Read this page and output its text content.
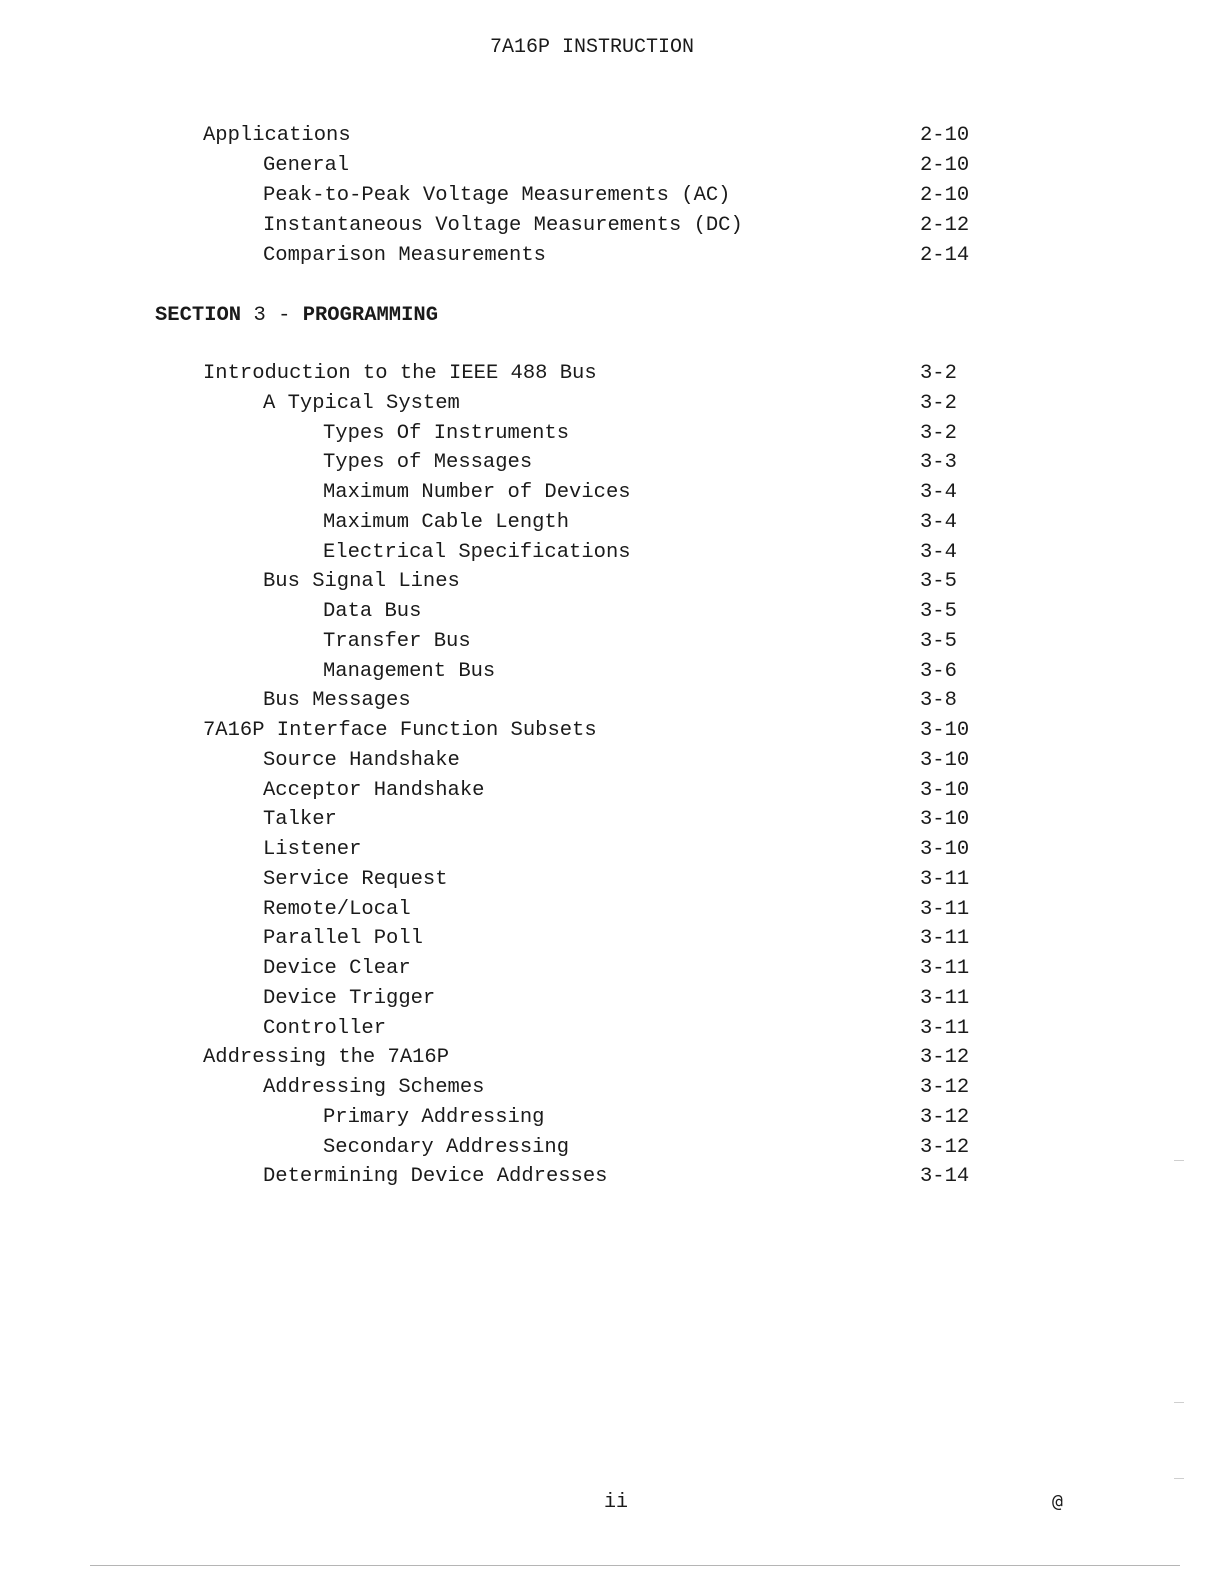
7A16P INSTRUCTION
Applications	2-10
General	2-10
Peak-to-Peak Voltage Measurements (AC)	2-10
Instantaneous Voltage Measurements (DC)	2-12
Comparison Measurements	2-14
SECTION 3 - PROGRAMMING
Introduction to the IEEE 488 Bus	3-2
A Typical System	3-2
Types Of Instruments	3-2
Types of Messages	3-3
Maximum Number of Devices	3-4
Maximum Cable Length	3-4
Electrical Specifications	3-4
Bus Signal Lines	3-5
Data Bus	3-5
Transfer Bus	3-5
Management Bus	3-6
Bus Messages	3-8
7A16P Interface Function Subsets	3-10
Source Handshake	3-10
Acceptor Handshake	3-10
Talker	3-10
Listener	3-10
Service Request	3-11
Remote/Local	3-11
Parallel Poll	3-11
Device Clear	3-11
Device Trigger	3-11
Controller	3-11
Addressing the 7A16P	3-12
Addressing Schemes	3-12
Primary Addressing	3-12
Secondary Addressing	3-12
Determining Device Addresses	3-14
ii	@
